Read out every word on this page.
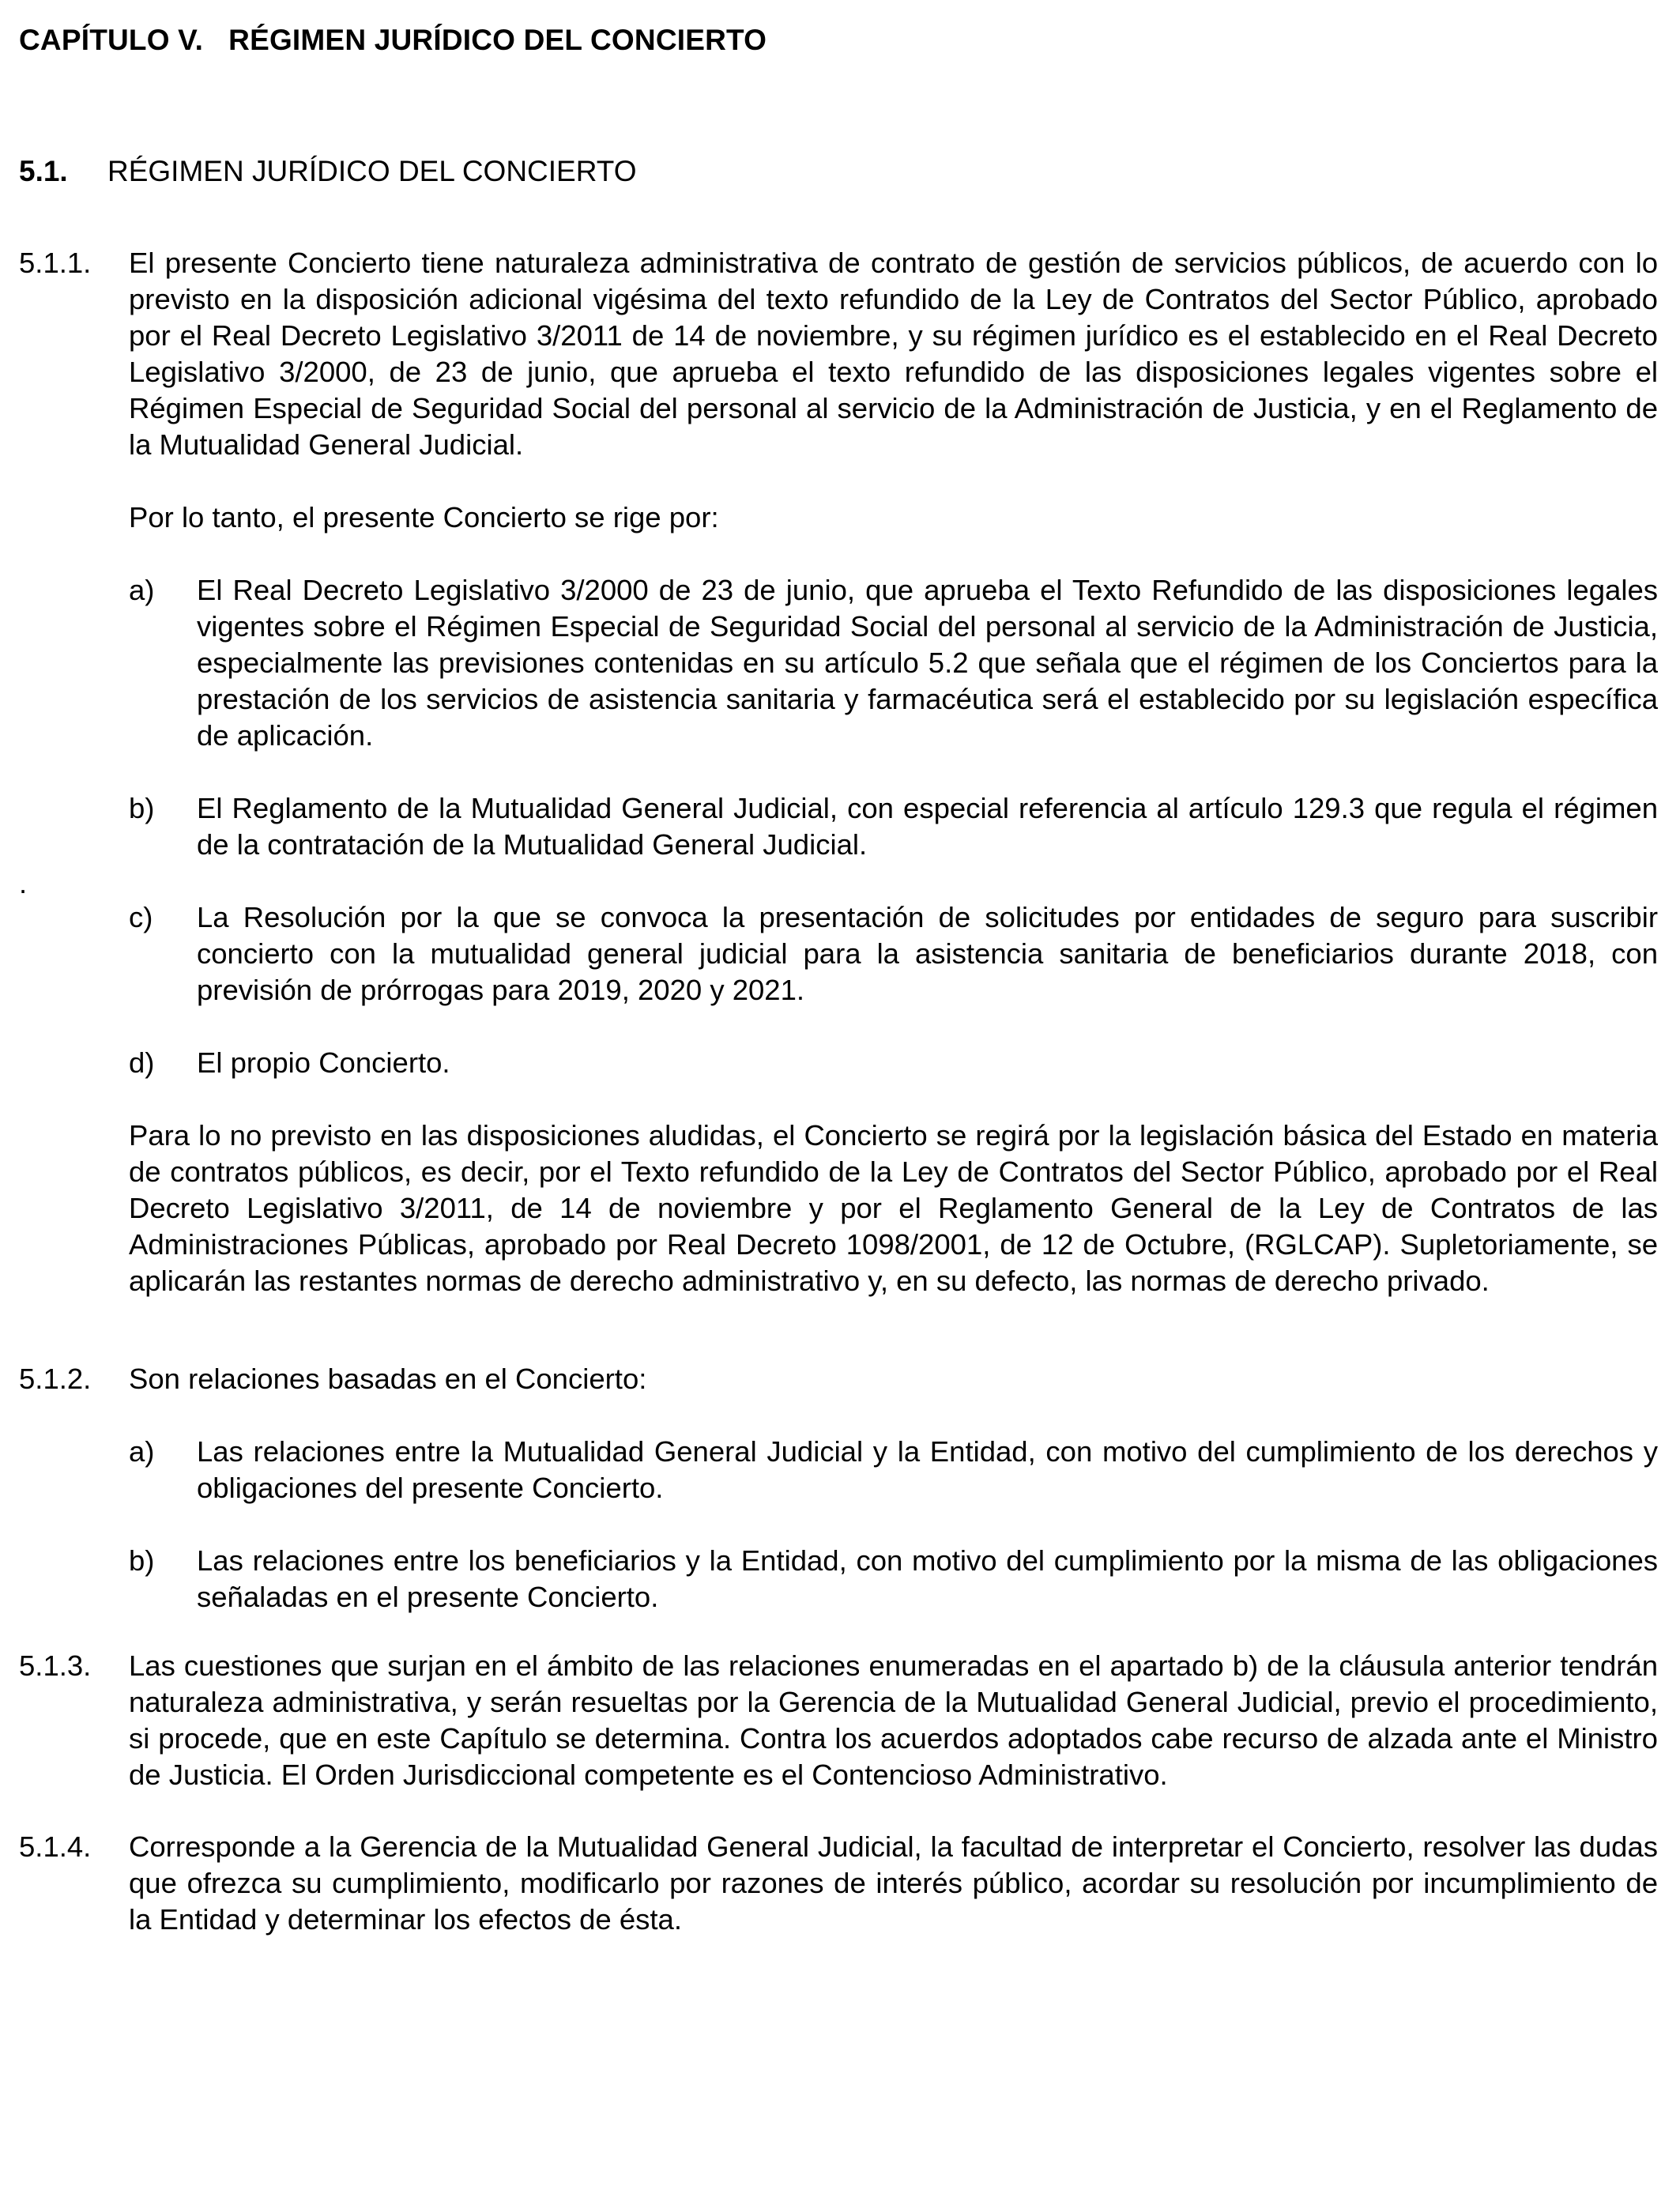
CAPÍTULO V. RÉGIMEN JURÍDICO DEL CONCIERTO
5.1. RÉGIMEN JURÍDICO DEL CONCIERTO
5.1.1. El presente Concierto tiene naturaleza administrativa de contrato de gestión de servicios públicos, de acuerdo con lo previsto en la disposición adicional vigésima del texto refundido de la Ley de Contratos del Sector Público, aprobado por el Real Decreto Legislativo 3/2011 de 14 de noviembre, y su régimen jurídico es el establecido en el Real Decreto Legislativo 3/2000, de 23 de junio, que aprueba el texto refundido de las disposiciones legales vigentes sobre el Régimen Especial de Seguridad Social del personal al servicio de la Administración de Justicia, y en el Reglamento de la Mutualidad General Judicial.

Por lo tanto, el presente Concierto se rige por:

a) El Real Decreto Legislativo 3/2000 de 23 de junio, que aprueba el Texto Refundido de las disposiciones legales vigentes sobre el Régimen Especial de Seguridad Social del personal al servicio de la Administración de Justicia, especialmente las previsiones contenidas en su artículo 5.2 que señala que el régimen de los Conciertos para la prestación de los servicios de asistencia sanitaria y farmacéutica será el establecido por su legislación específica de aplicación.
b) El Reglamento de la Mutualidad General Judicial, con especial referencia al artículo 129.3 que regula el régimen de la contratación de la Mutualidad General Judicial.
c) La Resolución por la que se convoca la presentación de solicitudes por entidades de seguro para suscribir concierto con la mutualidad general judicial para la asistencia sanitaria de beneficiarios durante 2018, con previsión de prórrogas para 2019, 2020 y 2021.
d) El propio Concierto.

Para lo no previsto en las disposiciones aludidas, el Concierto se regirá por la legislación básica del Estado en materia de contratos públicos, es decir, por el Texto refundido de la Ley de Contratos del Sector Público, aprobado por el Real Decreto Legislativo 3/2011, de 14 de noviembre y por el Reglamento General de la Ley de Contratos de las Administraciones Públicas, aprobado por Real Decreto 1098/2001, de 12 de Octubre, (RGLCAP). Supletoriamente, se aplicarán las restantes normas de derecho administrativo y, en su defecto, las normas de derecho privado.

.
5.1.2. Son relaciones basadas en el Concierto:

a) Las relaciones entre la Mutualidad General Judicial y la Entidad, con motivo del cumplimiento de los derechos y obligaciones del presente Concierto.
b) Las relaciones entre los beneficiarios y la Entidad, con motivo del cumplimiento por la misma de las obligaciones señaladas en el presente Concierto.
5.1.3. Las cuestiones que surjan en el ámbito de las relaciones enumeradas en el apartado b) de la cláusula anterior tendrán naturaleza administrativa, y serán resueltas por la Gerencia de la Mutualidad General Judicial, previo el procedimiento, si procede, que en este Capítulo se determina. Contra los acuerdos adoptados cabe recurso de alzada ante el Ministro de Justicia. El Orden Jurisdiccional competente es el Contencioso Administrativo.

5.1.4. Corresponde a la Gerencia de la Mutualidad General Judicial, la facultad de interpretar el Concierto, resolver las dudas que ofrezca su cumplimiento, modificarlo por razones de interés público, acordar su resolución por incumplimiento de la Entidad y determinar los efectos de ésta.
